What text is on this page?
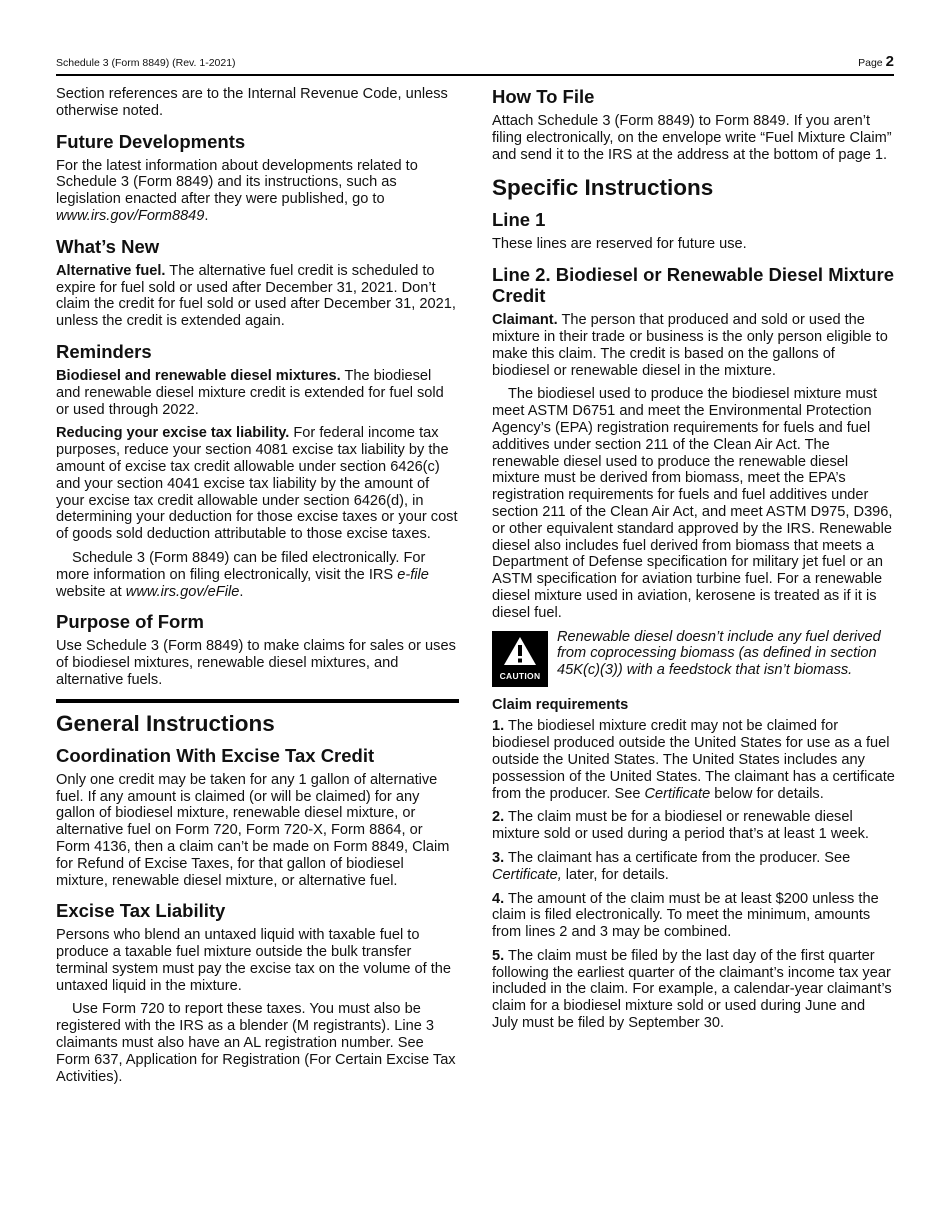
Schedule 3 (Form 8849) (Rev. 1-2021)	Page 2

Section references are to the Internal Revenue Code, unless otherwise noted.

Future Developments

For the latest information about developments related to Schedule 3 (Form 8849) and its instructions, such as legislation enacted after they were published, go to www.irs.gov/Form8849.

What’s New

Alternative fuel. The alternative fuel credit is scheduled to expire for fuel sold or used after December 31, 2021. Don’t claim the credit for fuel sold or used after December 31, 2021, unless the credit is extended again.

Reminders

Biodiesel and renewable diesel mixtures. The biodiesel and renewable diesel mixture credit is extended for fuel sold or used through 2022.

Reducing your excise tax liability. For federal income tax purposes, reduce your section 4081 excise tax liability by the amount of excise tax credit allowable under section 6426(c) and your section 4041 excise tax liability by the amount of your excise tax credit allowable under section 6426(d), in determining your deduction for those excise taxes or your cost of goods sold deduction attributable to those excise taxes.

Schedule 3 (Form 8849) can be filed electronically. For more information on filing electronically, visit the IRS e-file website at www.irs.gov/eFile.

Purpose of Form

Use Schedule 3 (Form 8849) to make claims for sales or uses of biodiesel mixtures, renewable diesel mixtures, and alternative fuels.

General Instructions
Coordination With Excise Tax Credit

Only one credit may be taken for any 1 gallon of alternative fuel. If any amount is claimed (or will be claimed) for any gallon of biodiesel mixture, renewable diesel mixture, or alternative fuel on Form 720, Form 720-X, Form 8864, or Form 4136, then a claim can’t be made on Form 8849, Claim for Refund of Excise Taxes, for that gallon of biodiesel mixture, renewable diesel mixture, or alternative fuel.

Excise Tax Liability

Persons who blend an untaxed liquid with taxable fuel to produce a taxable fuel mixture outside the bulk transfer terminal system must pay the excise tax on the volume of the untaxed liquid in the mixture.

Use Form 720 to report these taxes. You must also be registered with the IRS as a blender (M registrants). Line 3 claimants must also have an AL registration number. See Form 637, Application for Registration (For Certain Excise Tax Activities).

How To File

Attach Schedule 3 (Form 8849) to Form 8849. If you aren’t filing electronically, on the envelope write “Fuel Mixture Claim” and send it to the IRS at the address at the bottom of page 1.

Specific Instructions
Line 1

These lines are reserved for future use.

Line 2. Biodiesel or Renewable Diesel Mixture Credit

Claimant. The person that produced and sold or used the mixture in their trade or business is the only person eligible to make this claim. The credit is based on the gallons of biodiesel or renewable diesel in the mixture.

The biodiesel used to produce the biodiesel mixture must meet ASTM D6751 and meet the Environmental Protection Agency’s (EPA) registration requirements for fuels and fuel additives under section 211 of the Clean Air Act. The renewable diesel used to produce the renewable diesel mixture must be derived from biomass, meet the EPA’s registration requirements for fuels and fuel additives under section 211 of the Clean Air Act, and meet ASTM D975, D396, or other equivalent standard approved by the IRS. Renewable diesel also includes fuel derived from biomass that meets a Department of Defense specification for military jet fuel or an ASTM specification for aviation turbine fuel. For a renewable diesel mixture used in aviation, kerosene is treated as if it is diesel fuel.

CAUTION
Renewable diesel doesn’t include any fuel derived from coprocessing biomass (as defined in section 45K(c)(3)) with a feedstock that isn’t biomass.
Claim requirements

1. The biodiesel mixture credit may not be claimed for biodiesel produced outside the United States for use as a fuel outside the United States. The United States includes any possession of the United States. The claimant has a certificate from the producer. See Certificate below for details.

2. The claim must be for a biodiesel or renewable diesel mixture sold or used during a period that’s at least 1 week.

3. The claimant has a certificate from the producer. See Certificate, later, for details.

4. The amount of the claim must be at least $200 unless the claim is filed electronically. To meet the minimum, amounts from lines 2 and 3 may be combined.

5. The claim must be filed by the last day of the first quarter following the earliest quarter of the claimant’s income tax year included in the claim. For example, a calendar-year claimant’s claim for a biodiesel mixture sold or used during June and July must be filed by September 30.
